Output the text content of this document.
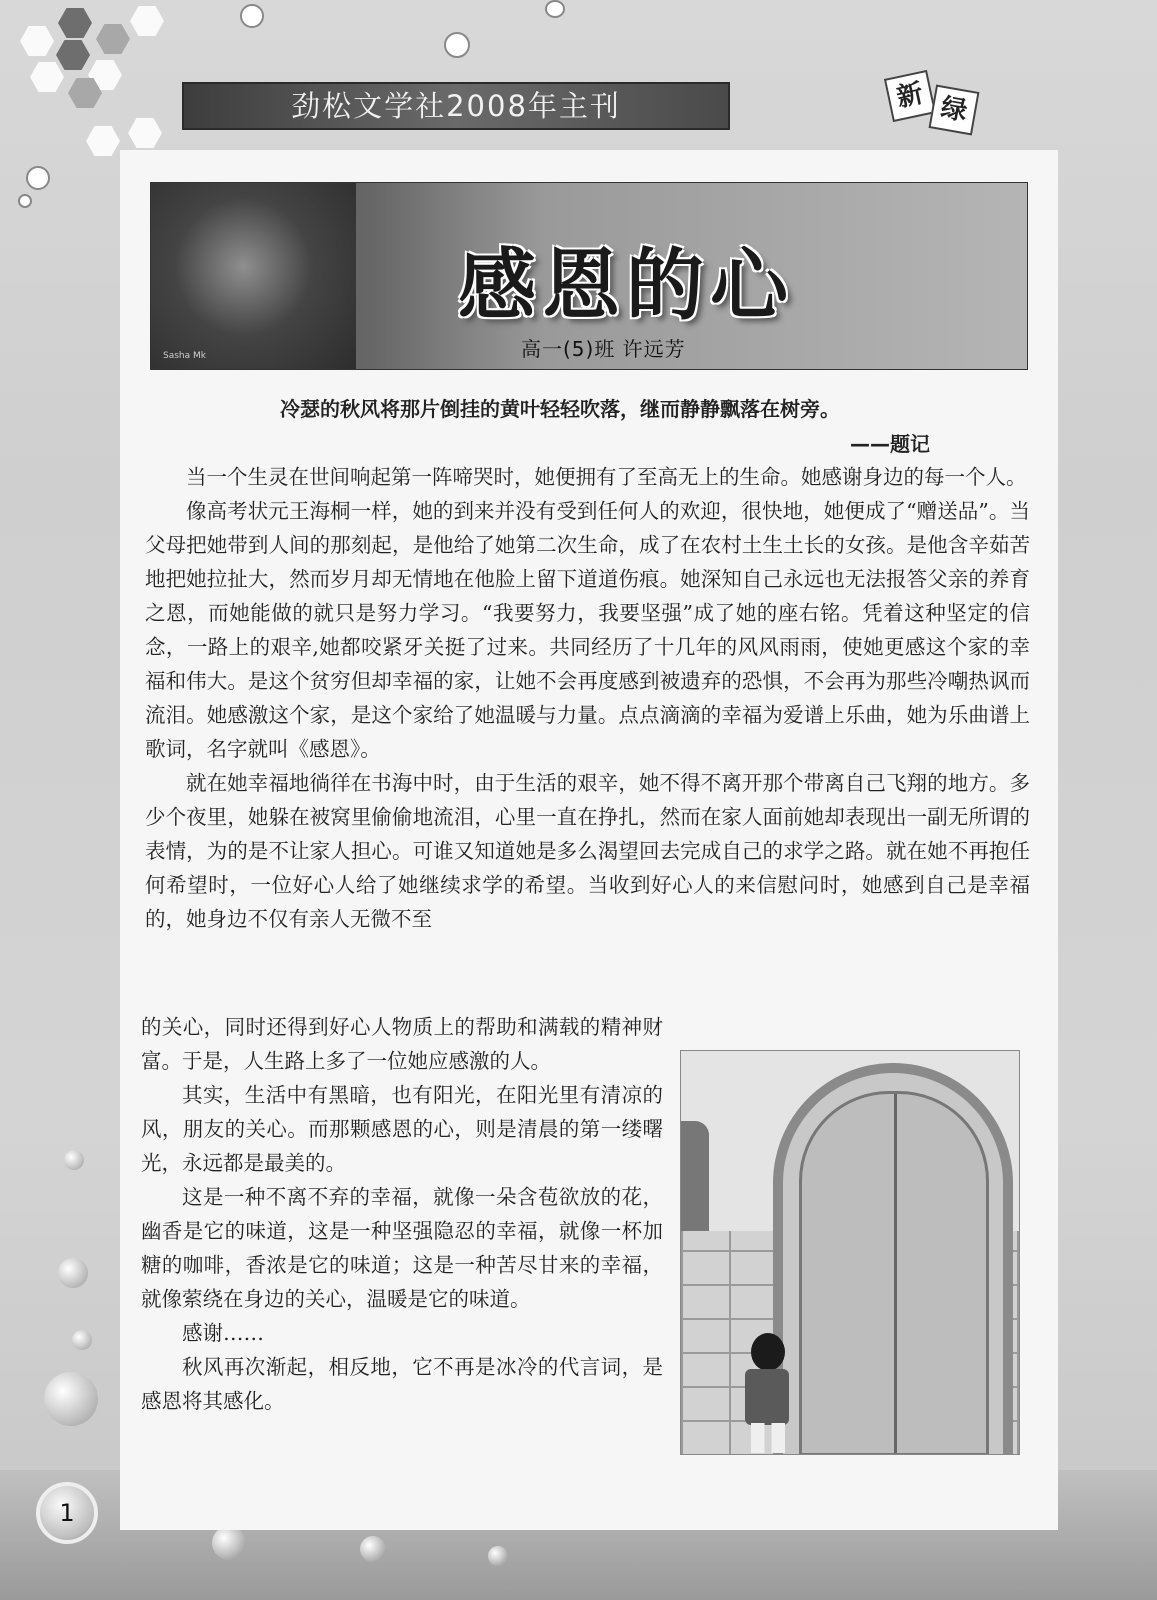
劲松文学社2008年主刊	新 绿
Sasha Mk
感恩的心
高一(5)班 许远芳
冷瑟的秋风将那片倒挂的黄叶轻轻吹落，继而静静飘落在树旁。
——题记

当一个生灵在世间响起第一阵啼哭时，她便拥有了至高无上的生命。她感谢身边的每一个人。

像高考状元王海桐一样，她的到来并没有受到任何人的欢迎，很快地，她便成了“赠送品”。当父母把她带到人间的那刻起，是他给了她第二次生命，成了在农村土生土长的女孩。是他含辛茹苦地把她拉扯大，然而岁月却无情地在他脸上留下道道伤痕。她深知自己永远也无法报答父亲的养育之恩，而她能做的就只是努力学习。“我要努力，我要坚强”成了她的座右铭。凭着这种坚定的信念，一路上的艰辛,她都咬紧牙关挺了过来。共同经历了十几年的风风雨雨，使她更感这个家的幸福和伟大。是这个贫穷但却幸福的家，让她不会再度感到被遗弃的恐惧，不会再为那些冷嘲热讽而流泪。她感激这个家，是这个家给了她温暖与力量。点点滴滴的幸福为爱谱上乐曲，她为乐曲谱上歌词，名字就叫《感恩》。

就在她幸福地徜徉在书海中时，由于生活的艰辛，她不得不离开那个带离自己飞翔的地方。多少个夜里，她躲在被窝里偷偷地流泪，心里一直在挣扎，然而在家人面前她却表现出一副无所谓的表情，为的是不让家人担心。可谁又知道她是多么渴望回去完成自己的求学之路。就在她不再抱任何希望时，一位好心人给了她继续求学的希望。当收到好心人的来信慰问时，她感到自己是幸福的，她身边不仅有亲人无微不至

的关心，同时还得到好心人物质上的帮助和满载的精神财富。于是，人生路上多了一位她应感激的人。

其实，生活中有黑暗，也有阳光，在阳光里有清凉的风，朋友的关心。而那颗感恩的心，则是清晨的第一缕曙光，永远都是最美的。

这是一种不离不弃的幸福，就像一朵含苞欲放的花，幽香是它的味道，这是一种坚强隐忍的幸福，就像一杯加糖的咖啡，香浓是它的味道；这是一种苦尽甘来的幸福，就像萦绕在身边的关心，温暖是它的味道。

感谢……

秋风再次渐起，相反地，它不再是冰冷的代言词，是感恩将其感化。

1
